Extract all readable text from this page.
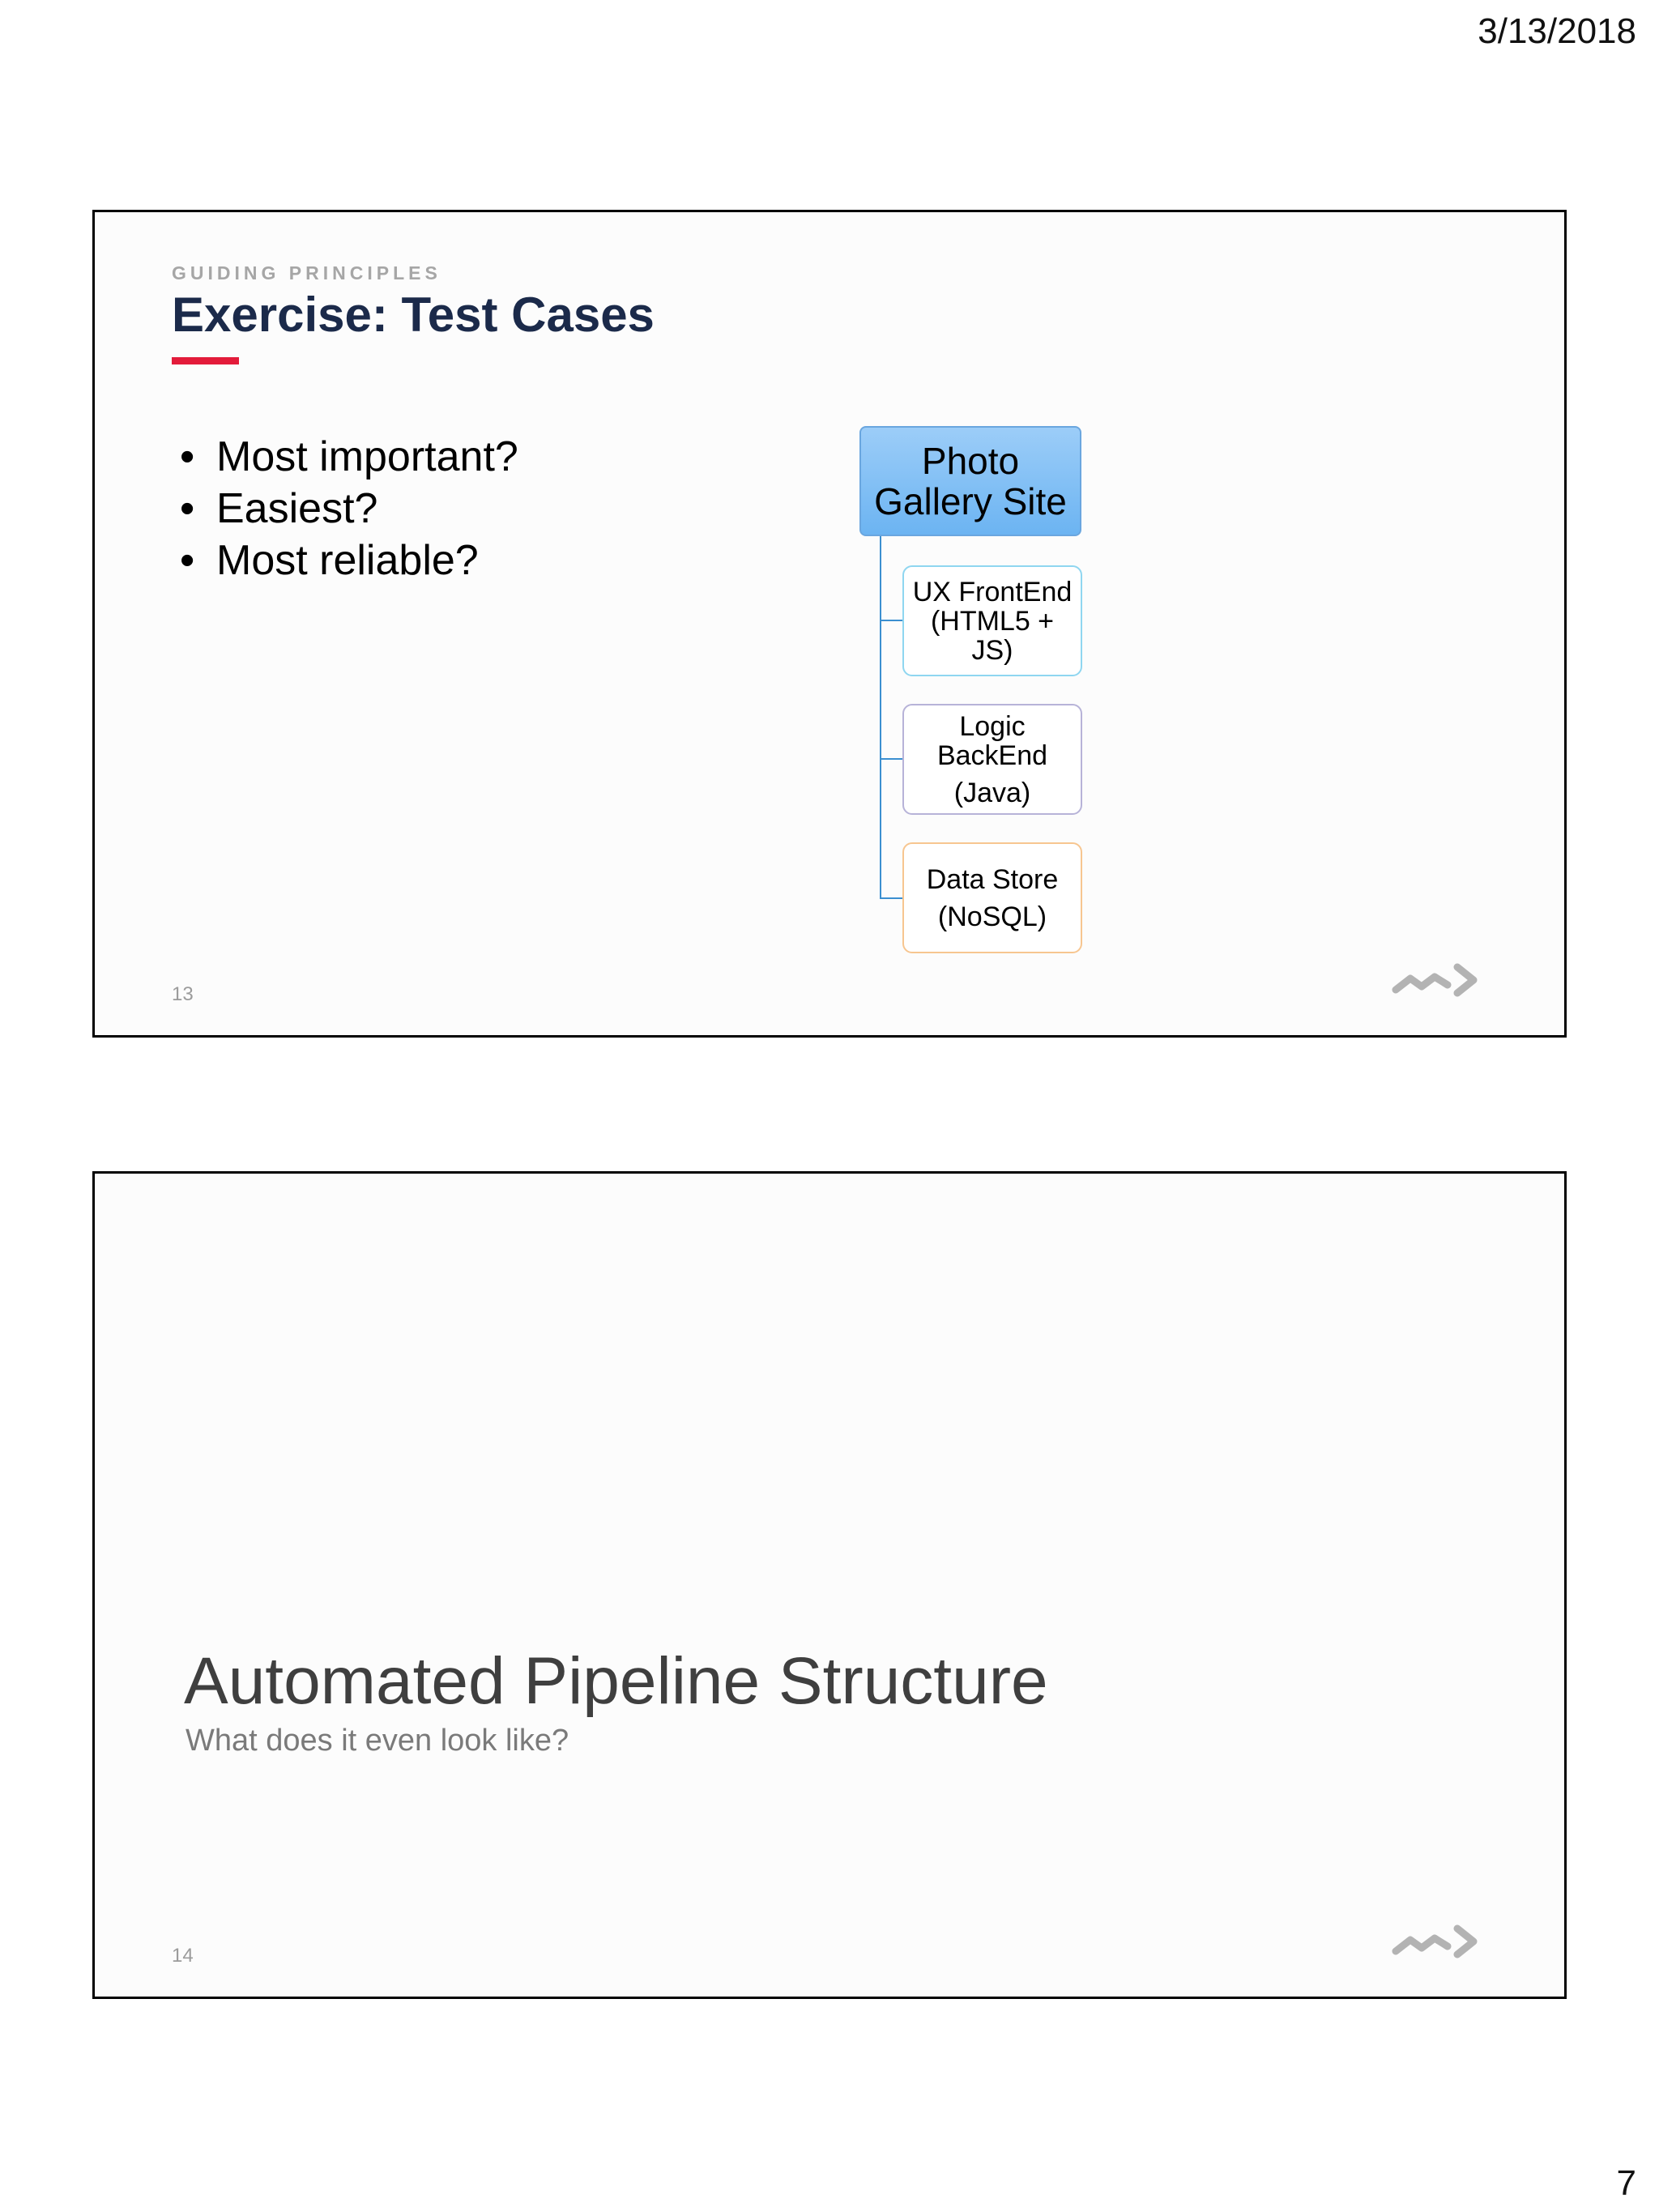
3/13/2018
GUIDING PRINCIPLES
Exercise: Test Cases
• Most important?
• Easiest?
• Most reliable?
Photo
Gallery Site
UX FrontEnd
(HTML5 +
JS)
Logic
BackEnd
(Java)
Data Store
(NoSQL)
13
Automated Pipeline Structure
What does it even look like?
14
7
